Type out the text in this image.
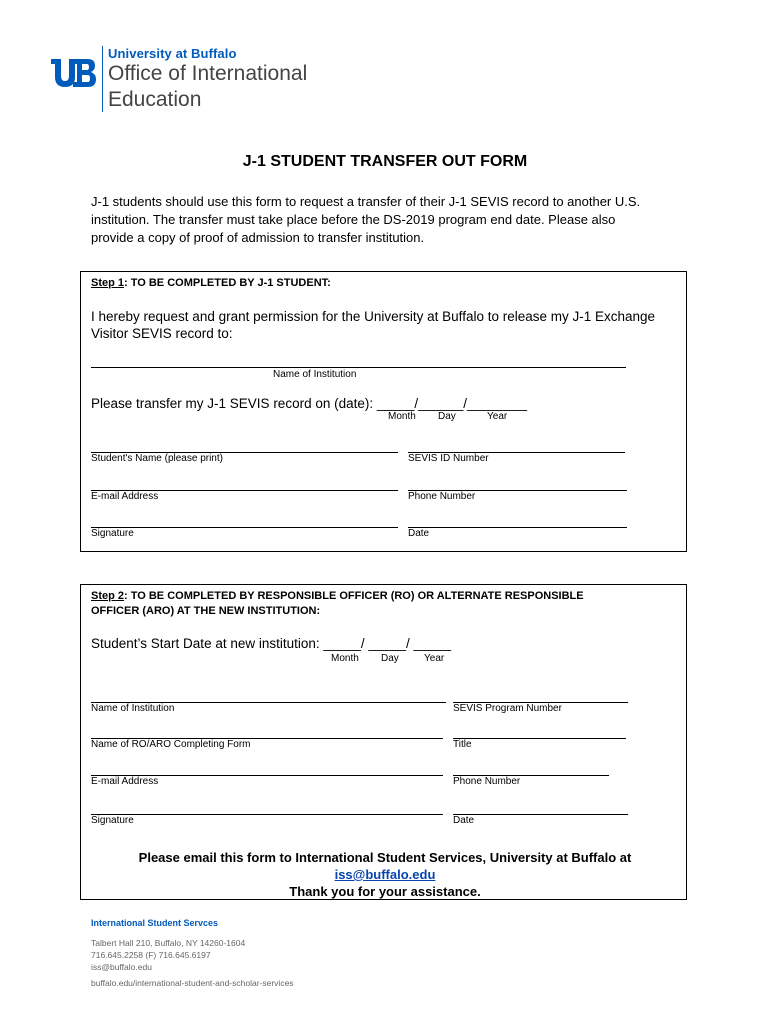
University at Buffalo
Office of International
Education
J-1 STUDENT TRANSFER OUT FORM
J-1 students should use this form to request a transfer of their J-1 SEVIS record to another U.S.
institution. The transfer must take place before the DS-2019 program end date. Please also
provide a copy of proof of admission to transfer institution.
Step 1: TO BE COMPLETED BY J-1 STUDENT:
I hereby request and grant permission for the University at Buffalo to release my J-1 Exchange
Visitor SEVIS record to:
Name of Institution
Please transfer my J-1 SEVIS record on (date): _____/______/________
Month Day	Year
Student's Name (please print)	SEVIS ID Number
E-mail Address	Phone Number
Signature	Date
Step 2: TO BE COMPLETED BY RESPONSIBLE OFFICER (RO) OR ALTERNATE RESPONSIBLE
OFFICER (ARO) AT THE NEW INSTITUTION:
Student’s Start Date at new institution: _____/ _____/ _____
Month Day	Year
Name of Institution	SEVIS Program Number
Name of RO/ARO Completing Form	Title
E-mail Address	Phone Number
Signature	Date
Please email this form to International Student Services, University at Buffalo at
iss@buffalo.edu
Thank you for your assistance.
International Student Servces
Talbert Hall 210, Buffalo, NY 14260-1604
716.645.2258 (F) 716.645.6197
iss@buffalo.edu
buffalo.edu/international-student-and-scholar-services
